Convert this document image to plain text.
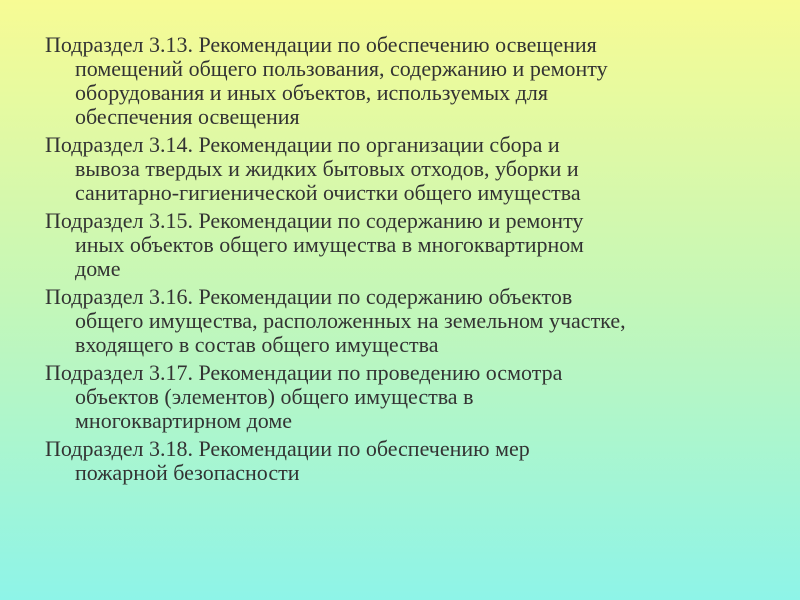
Подраздел 3.13. Рекомендации по обеспечению освещения
помещений общего пользования, содержанию и ремонту
оборудования и иных объектов, используемых для
обеспечения освещения
Подраздел 3.14. Рекомендации по организации сбора и
вывоза твердых и жидких бытовых отходов, уборки и
санитарно-гигиенической очистки общего имущества
Подраздел 3.15. Рекомендации по содержанию и ремонту
иных объектов общего имущества в многоквартирном
доме
Подраздел 3.16. Рекомендации по содержанию объектов
общего имущества, расположенных на земельном участке,
входящего в состав общего имущества
Подраздел 3.17. Рекомендации по проведению осмотра
объектов (элементов) общего имущества в
многоквартирном доме
Подраздел 3.18. Рекомендации по обеспечению мер
пожарной безопасности
